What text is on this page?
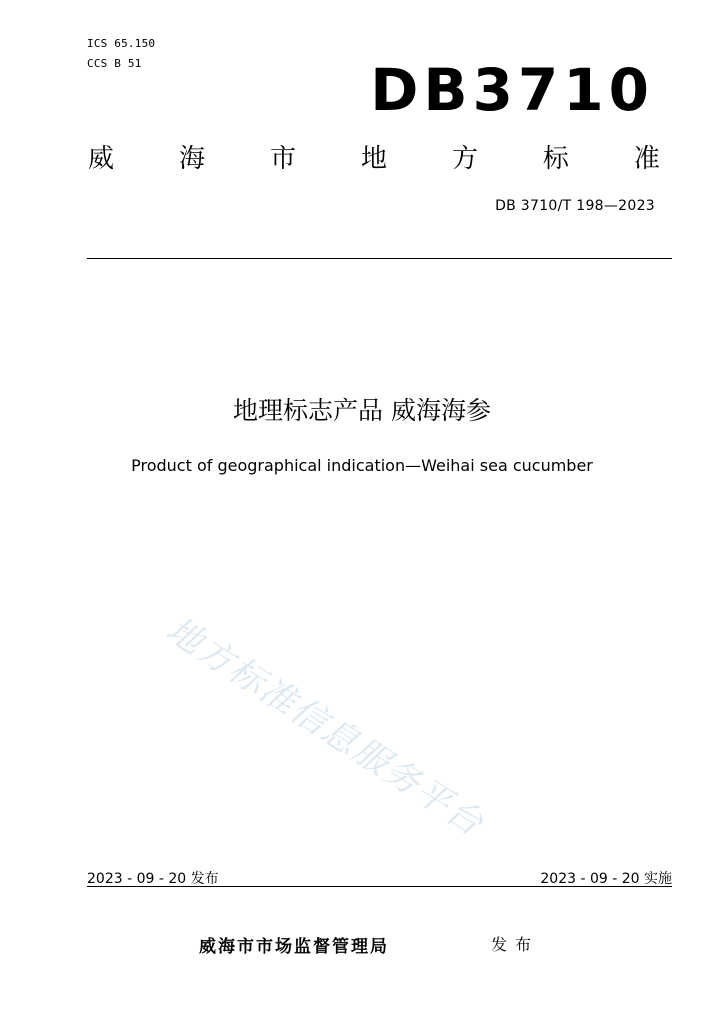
ICS 65.150
CCS B 51	DB3710
威 海 市 地 方 标 准
DB 3710/T 198—2023
地理标志产品 威海海参
Product of geographical indication—Weihai sea cucumber
地方标准信息服务平台
2023 - 09 - 20 发布	2023 - 09 - 20 实施
威海市市场监督管理局	发布
